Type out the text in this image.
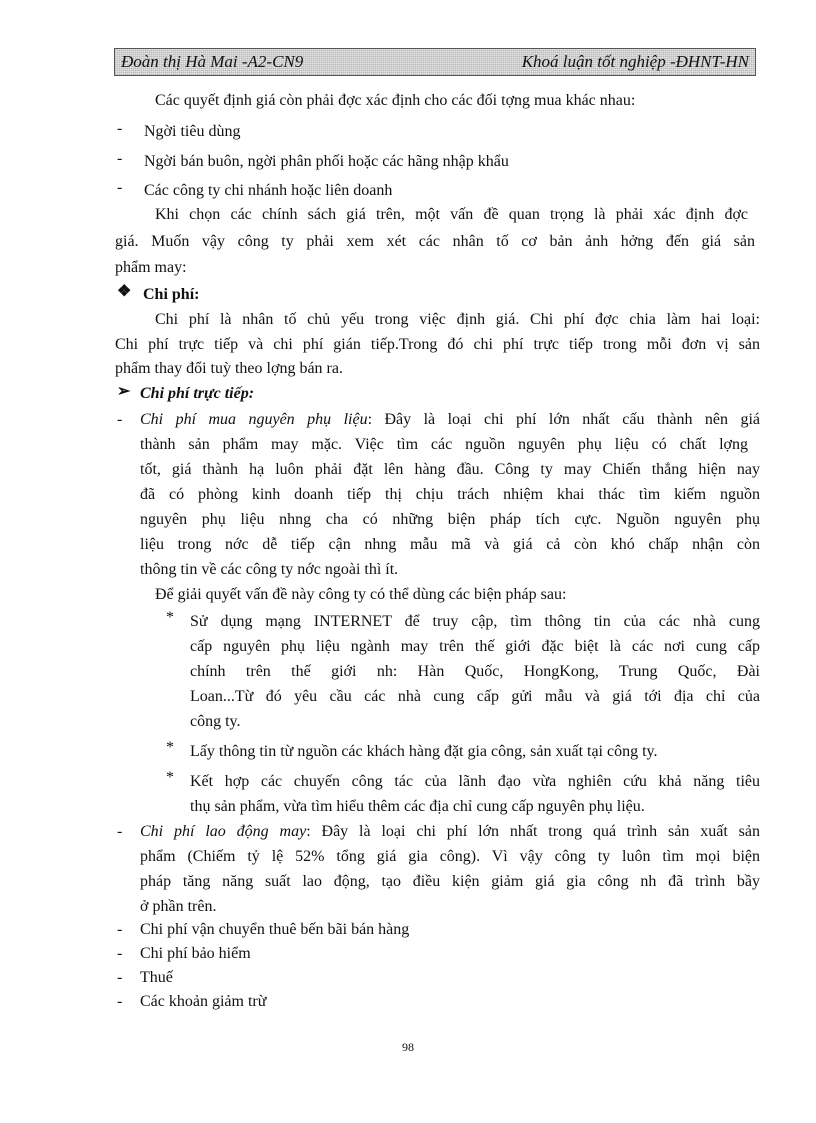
Đoàn thị Hà Mai -A2-CN9	Khoá luận tốt nghiệp -ĐHNT-HN
Các quyết định giá còn phải đợc xác định cho các đối tợng mua khác nhau:
- Ngời tiêu dùng
- Ngời bán buôn, ngời phân phối hoặc các hãng nhập khẩu
- Các công ty chi nhánh hoặc liên doanh
Khi chọn các chính sách giá trên, một vấn đề quan trọng là phải xác định đợc
giá. Muốn vậy công ty phải xem xét các nhân tố cơ bản ảnh hởng đến giá sản
phẩm may:
❖ Chi phí:
Chi phí là nhân tố chủ yếu trong việc định giá. Chi phí đợc chia làm hai loại:
Chi phí trực tiếp và chi phí gián tiếp.Trong đó chi phí trực tiếp trong mỗi đơn vị sản
phẩm thay đổi tuỳ theo lợng bán ra.
➢ Chi phí trực tiếp:
- Chi phí mua nguyên phụ liệu: Đây là loại chi phí lớn nhất cấu thành nên giá
thành sản phẩm may mặc. Việc tìm các nguồn nguyên phụ liệu có chất lợng
tốt, giá thành hạ luôn phải đặt lên hàng đầu. Công ty may Chiến thắng hiện nay
đã có phòng kinh doanh tiếp thị chịu trách nhiệm khai thác tìm kiếm nguồn
nguyên phụ liệu nhng cha có những biện pháp tích cực. Nguồn nguyên phụ
liệu trong nớc dễ tiếp cận nhng mẫu mã và giá cả còn khó chấp nhận còn
thông tin về các công ty nớc ngoài thì ít.
Để giải quyết vấn đề này công ty có thể dùng các biện pháp sau:
* Sử dụng mạng INTERNET để truy cập, tìm thông tin của các nhà cung
cấp nguyên phụ liệu ngành may trên thế giới đặc biệt là các nơi cung cấp
chính trên thế giới nh: Hàn Quốc, HongKong, Trung Quốc, Đài
Loan...Từ đó yêu cầu các nhà cung cấp gửi mẫu và giá tới địa chỉ của
công ty.
* Lấy thông tin từ nguồn các khách hàng đặt gia công, sản xuất tại công ty.
* Kết hợp các chuyến công tác của lãnh đạo vừa nghiên cứu khả năng tiêu
thụ sản phẩm, vừa tìm hiểu thêm các địa chỉ cung cấp nguyên phụ liệu.
- Chi phí lao động may: Đây là loại chi phí lớn nhất trong quá trình sản xuất sản
phẩm (Chiếm tỷ lệ 52% tổng giá gia công). Vì vậy công ty luôn tìm mọi biện
pháp tăng năng suất lao động, tạo điều kiện giảm giá gia công nh đã trình bầy
ở phần trên.
- Chi phí vận chuyển thuê bến bãi bán hàng
- Chi phí bảo hiểm
- Thuế
- Các khoản giảm trừ
98
